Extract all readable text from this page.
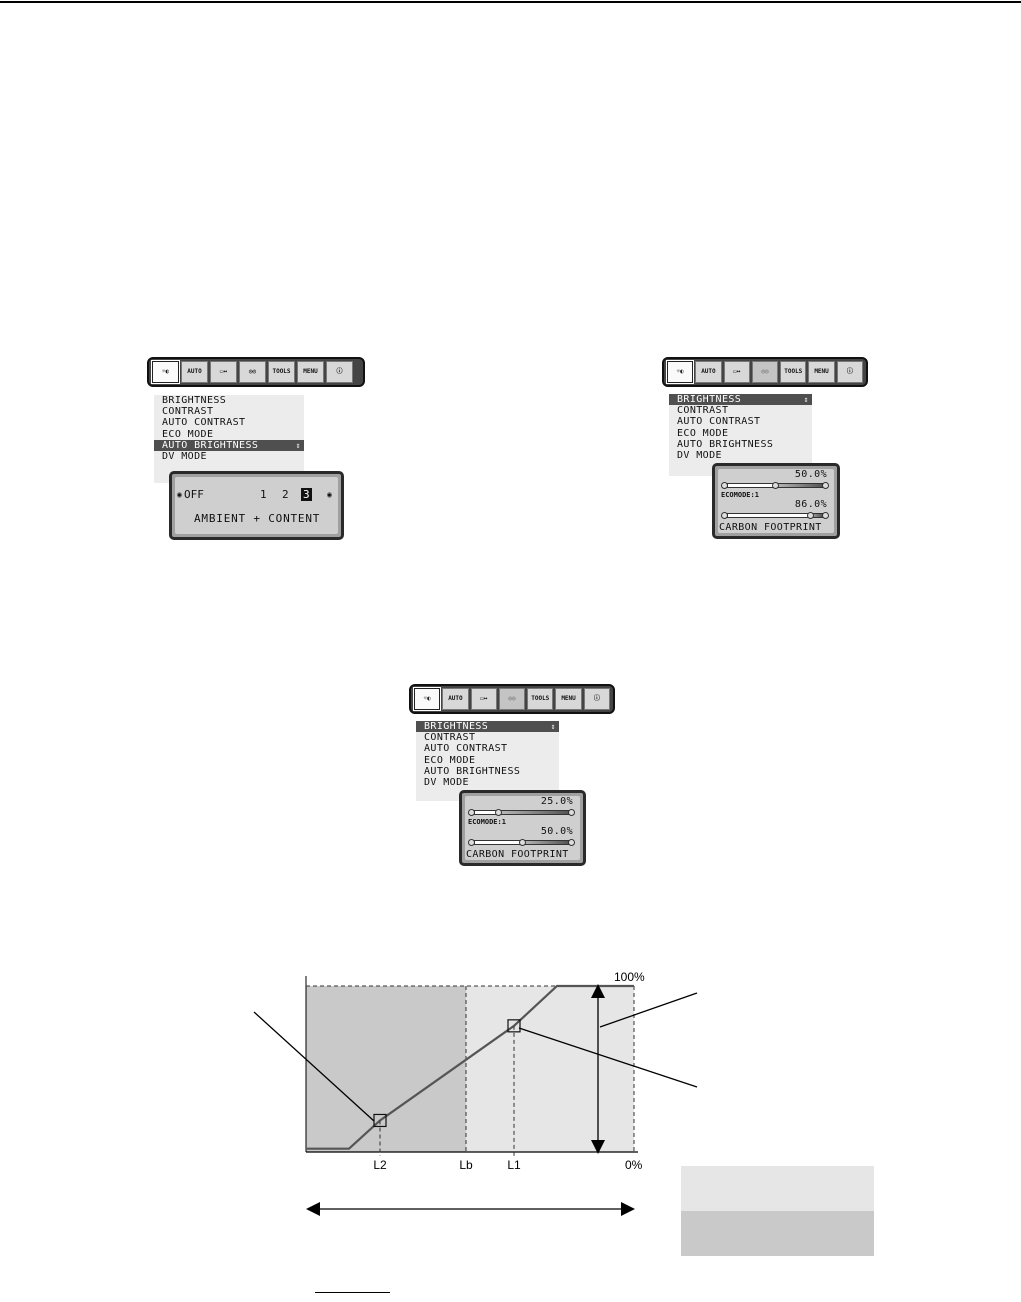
☼◐	AUTO	▭↔	◎◎	TOOLS MENU	ⓘ
BRIGHTNESS
CONTRAST
AUTO CONTRAST
ECO MODE
AUTO BRIGHTNESS	⇕
DV MODE
◉ OFF	1 2 3 ◉
AMBIENT + CONTENT
☼◐	AUTO	▭↔	◎◎	TOOLS MENU	ⓘ
BRIGHTNESS	⇕
CONTRAST
AUTO CONTRAST
ECO MODE
AUTO BRIGHTNESS
DV MODE
50.0%
ECOMODE:1
86.0%
CARBON FOOTPRINT
☼◐	AUTO	▭↔	◎◎	TOOLS MENU	ⓘ
BRIGHTNESS	⇕
CONTRAST
AUTO CONTRAST
ECO MODE
AUTO BRIGHTNESS
DV MODE
25.0%
ECOMODE:1
50.0%
CARBON FOOTPRINT
L2	Lb	L1
100%
0%
